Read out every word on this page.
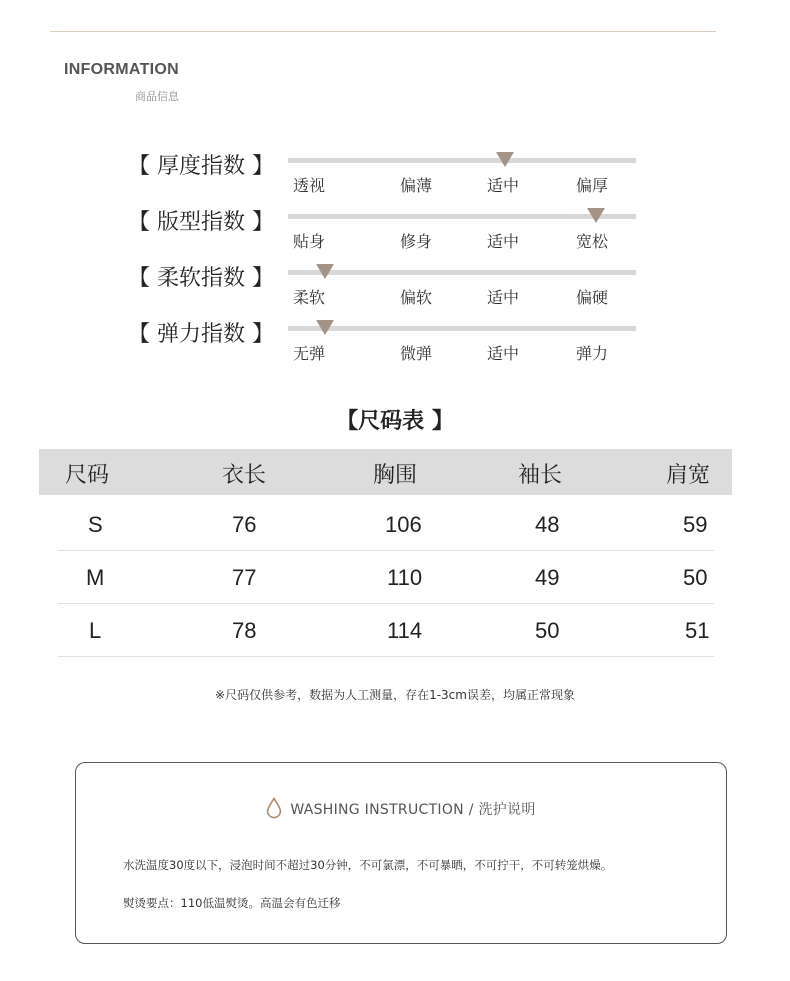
INFORMATION
商品信息
【 厚度指数 】
透视	偏薄	适中	偏厚
【 版型指数 】
贴身	修身	适中	宽松
【 柔软指数 】
柔软	偏软	适中	偏硬
【 弹力指数 】
无弹	微弹	适中	弹力
【尺码表 】
尺码	衣长	胸围	袖长	肩宽
S	76	106	48	59
M	77	110	49	50
L	78	114	50	51
※尺码仅供参考，数据为人工测量，存在1-3cm误差，均属正常现象
WASHING INSTRUCTION / 洗护说明
水洗温度30度以下，浸泡时间不超过30分钟，不可氯漂，不可暴晒，不可拧干，不可转笼烘燥。
熨烫要点：110低温熨烫。高温会有色迁移
